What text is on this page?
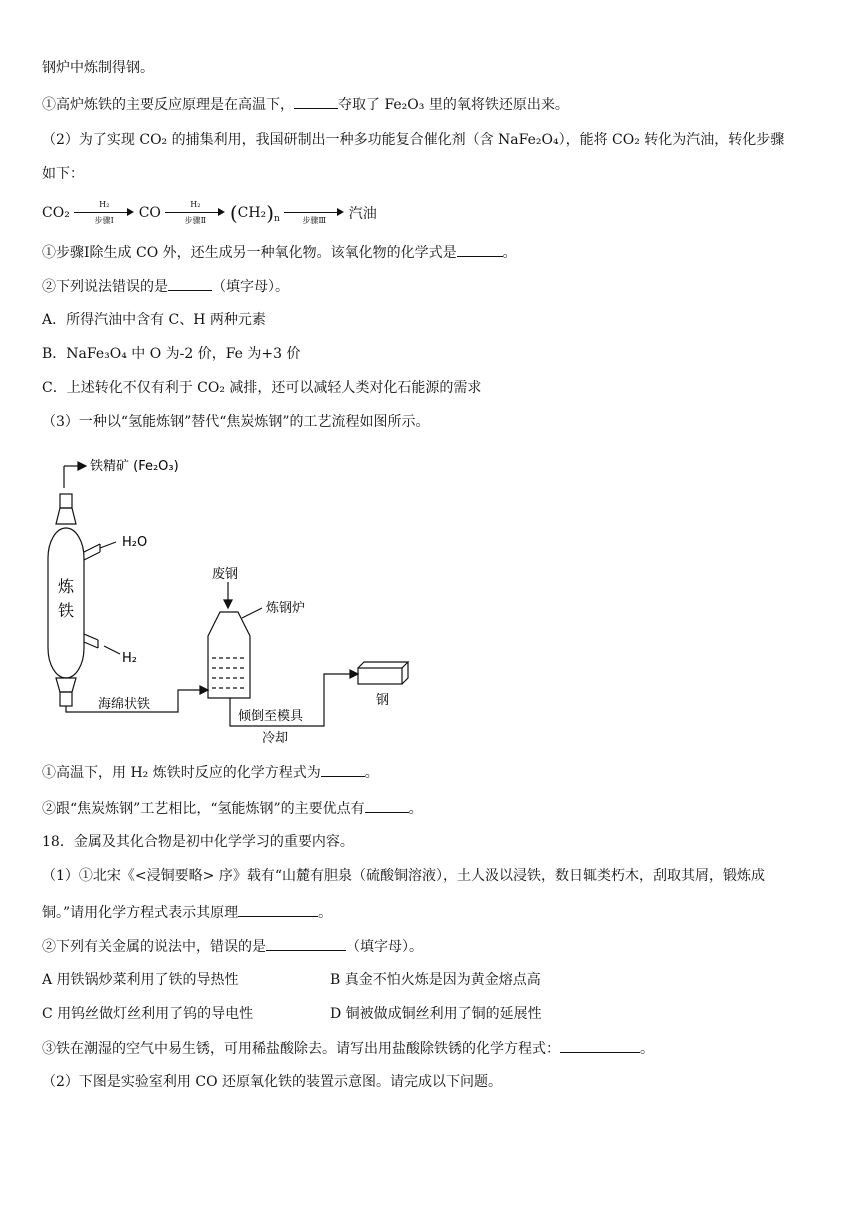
钢炉中炼制得钢。
①高炉炼铁的主要反应原理是在高温下，	夺取了 Fe₂O₃ 里的氧将铁还原出来。
（2）为了实现 CO₂ 的捕集利用，我国研制出一种多功能复合催化剂（含 NaFe₂O₄），能将 CO₂ 转化为汽油，转化步骤
如下：
CO₂
H₂
步骤Ⅰ	CO
H₂
步骤Ⅱ	$(CH_2)_n$	步骤Ⅲ	汽油
①步骤Ⅰ除生成 CO 外，还生成另一种氧化物。该氧化物的化学式是	。
②下列说法错误的是	（填字母）。
A．所得汽油中含有 C、H 两种元素
B．NaFe₃O₄ 中 O 为-2 价，Fe 为+3 价
C．上述转化不仅有利于 CO₂ 减排，还可以减轻人类对化石能源的需求
（3）一种以“氢能炼钢”替代“焦炭炼钢”的工艺流程如图所示。
铁精矿 (Fe₂O₃)
H₂O
炼
铁
H₂
海绵状铁
废钢
炼钢炉
倾倒至模具
冷却
钢
①高温下，用 H₂ 炼铁时反应的化学方程式为	。
②跟“焦炭炼钢”工艺相比，“氢能炼钢”的主要优点有	。
18．金属及其化合物是初中化学学习的重要内容。
（1）①北宋《<浸铜要略> 序》载有“山麓有胆泉（硫酸铜溶液），土人汲以浸铁，数日辄类朽木，刮取其屑，锻炼成
铜。”请用化学方程式表示其原理	。
②下列有关金属的说法中，错误的是	（填字母）。
A 用铁锅炒菜利用了铁的导热性	B 真金不怕火炼是因为黄金熔点高
C 用钨丝做灯丝利用了钨的导电性	D 铜被做成铜丝利用了铜的延展性
③铁在潮湿的空气中易生锈，可用稀盐酸除去。请写出用盐酸除铁锈的化学方程式：	。
（2）下图是实验室利用 CO 还原氧化铁的装置示意图。请完成以下问题。
